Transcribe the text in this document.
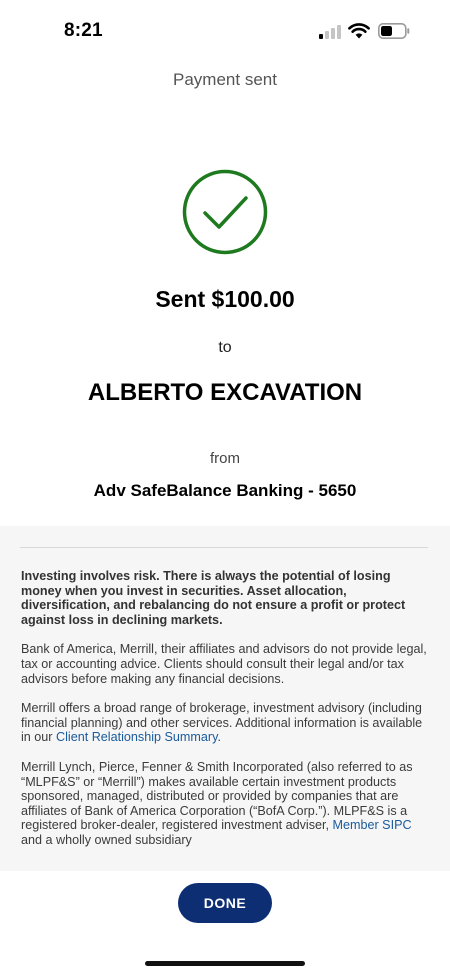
8:21
Payment sent
Sent $100.00
to
ALBERTO EXCAVATION
from
Adv SafeBalance Banking - 5650

Investing involves risk. There is always the potential of losing money when you invest in securities. Asset allocation, diversification, and rebalancing do not ensure a profit or protect against loss in declining markets.

Bank of America, Merrill, their affiliates and advisors do not provide legal, tax or accounting advice. Clients should consult their legal and/or tax advisors before making any financial decisions.

Merrill offers a broad range of brokerage, investment advisory (including financial planning) and other services. Additional information is available in our Client Relationship Summary.

Merrill Lynch, Pierce, Fenner & Smith Incorporated (also referred to as “MLPF&S” or “Merrill”) makes available certain investment products sponsored, managed, distributed or provided by companies that are affiliates of Bank of America Corporation (“BofA Corp.”). MLPF&S is a registered broker-dealer, registered investment adviser, Member SIPC and a wholly owned subsidiary

DONE
